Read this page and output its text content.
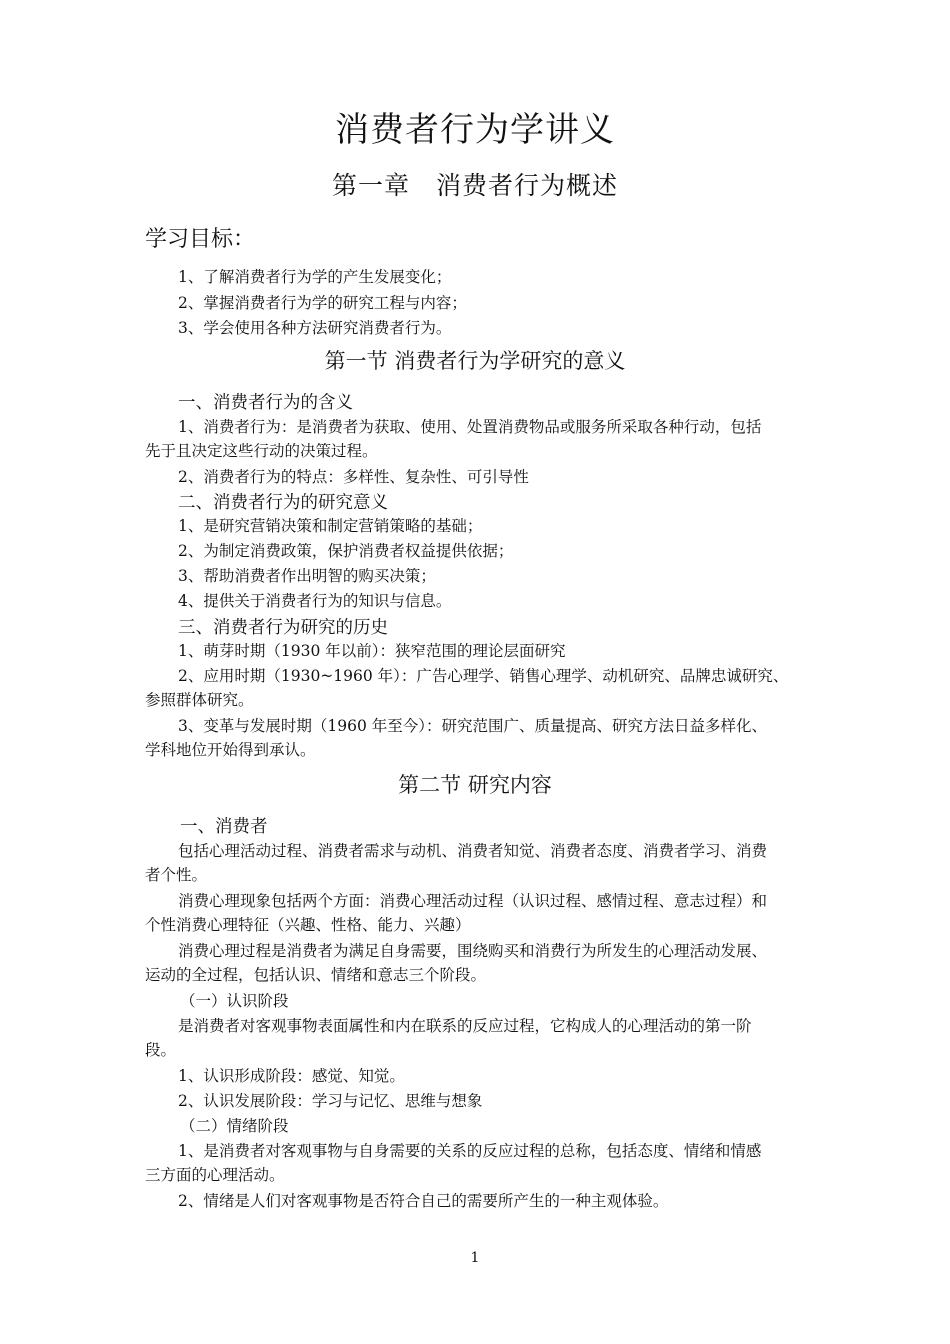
消费者行为学讲义
第一章 消费者行为概述
学习目标：
1、了解消费者行为学的产生发展变化；
2、掌握消费者行为学的研究工程与内容；
3、学会使用各种方法研究消费者行为。
第一节 消费者行为学研究的意义
一、消费者行为的含义
1、消费者行为：是消费者为获取、使用、处置消费物品或服务所采取各种行动，包括
先于且决定这些行动的决策过程。
2、消费者行为的特点：多样性、复杂性、可引导性
二、消费者行为的研究意义
1、是研究营销决策和制定营销策略的基础；
2、为制定消费政策，保护消费者权益提供依据；
3、帮助消费者作出明智的购买决策；
4、提供关于消费者行为的知识与信息。
三、消费者行为研究的历史
1、萌芽时期（1930 年以前）：狭窄范围的理论层面研究
2、应用时期（1930~1960 年）：广告心理学、销售心理学、动机研究、品牌忠诚研究、
参照群体研究。
3、变革与发展时期（1960 年至今）：研究范围广、质量提高、研究方法日益多样化、
学科地位开始得到承认。
第二节 研究内容
一、消费者
包括心理活动过程、消费者需求与动机、消费者知觉、消费者态度、消费者学习、消费
者个性。
消费心理现象包括两个方面：消费心理活动过程（认识过程、感情过程、意志过程）和
个性消费心理特征（兴趣、性格、能力、兴趣）
消费心理过程是消费者为满足自身需要，围绕购买和消费行为所发生的心理活动发展、
运动的全过程，包括认识、情绪和意志三个阶段。
（一）认识阶段
是消费者对客观事物表面属性和内在联系的反应过程，它构成人的心理活动的第一阶
段。
1、认识形成阶段：感觉、知觉。
2、认识发展阶段：学习与记忆、思维与想象
（二）情绪阶段
1、是消费者对客观事物与自身需要的关系的反应过程的总称，包括态度、情绪和情感
三方面的心理活动。
2、情绪是人们对客观事物是否符合自己的需要所产生的一种主观体验。
1
